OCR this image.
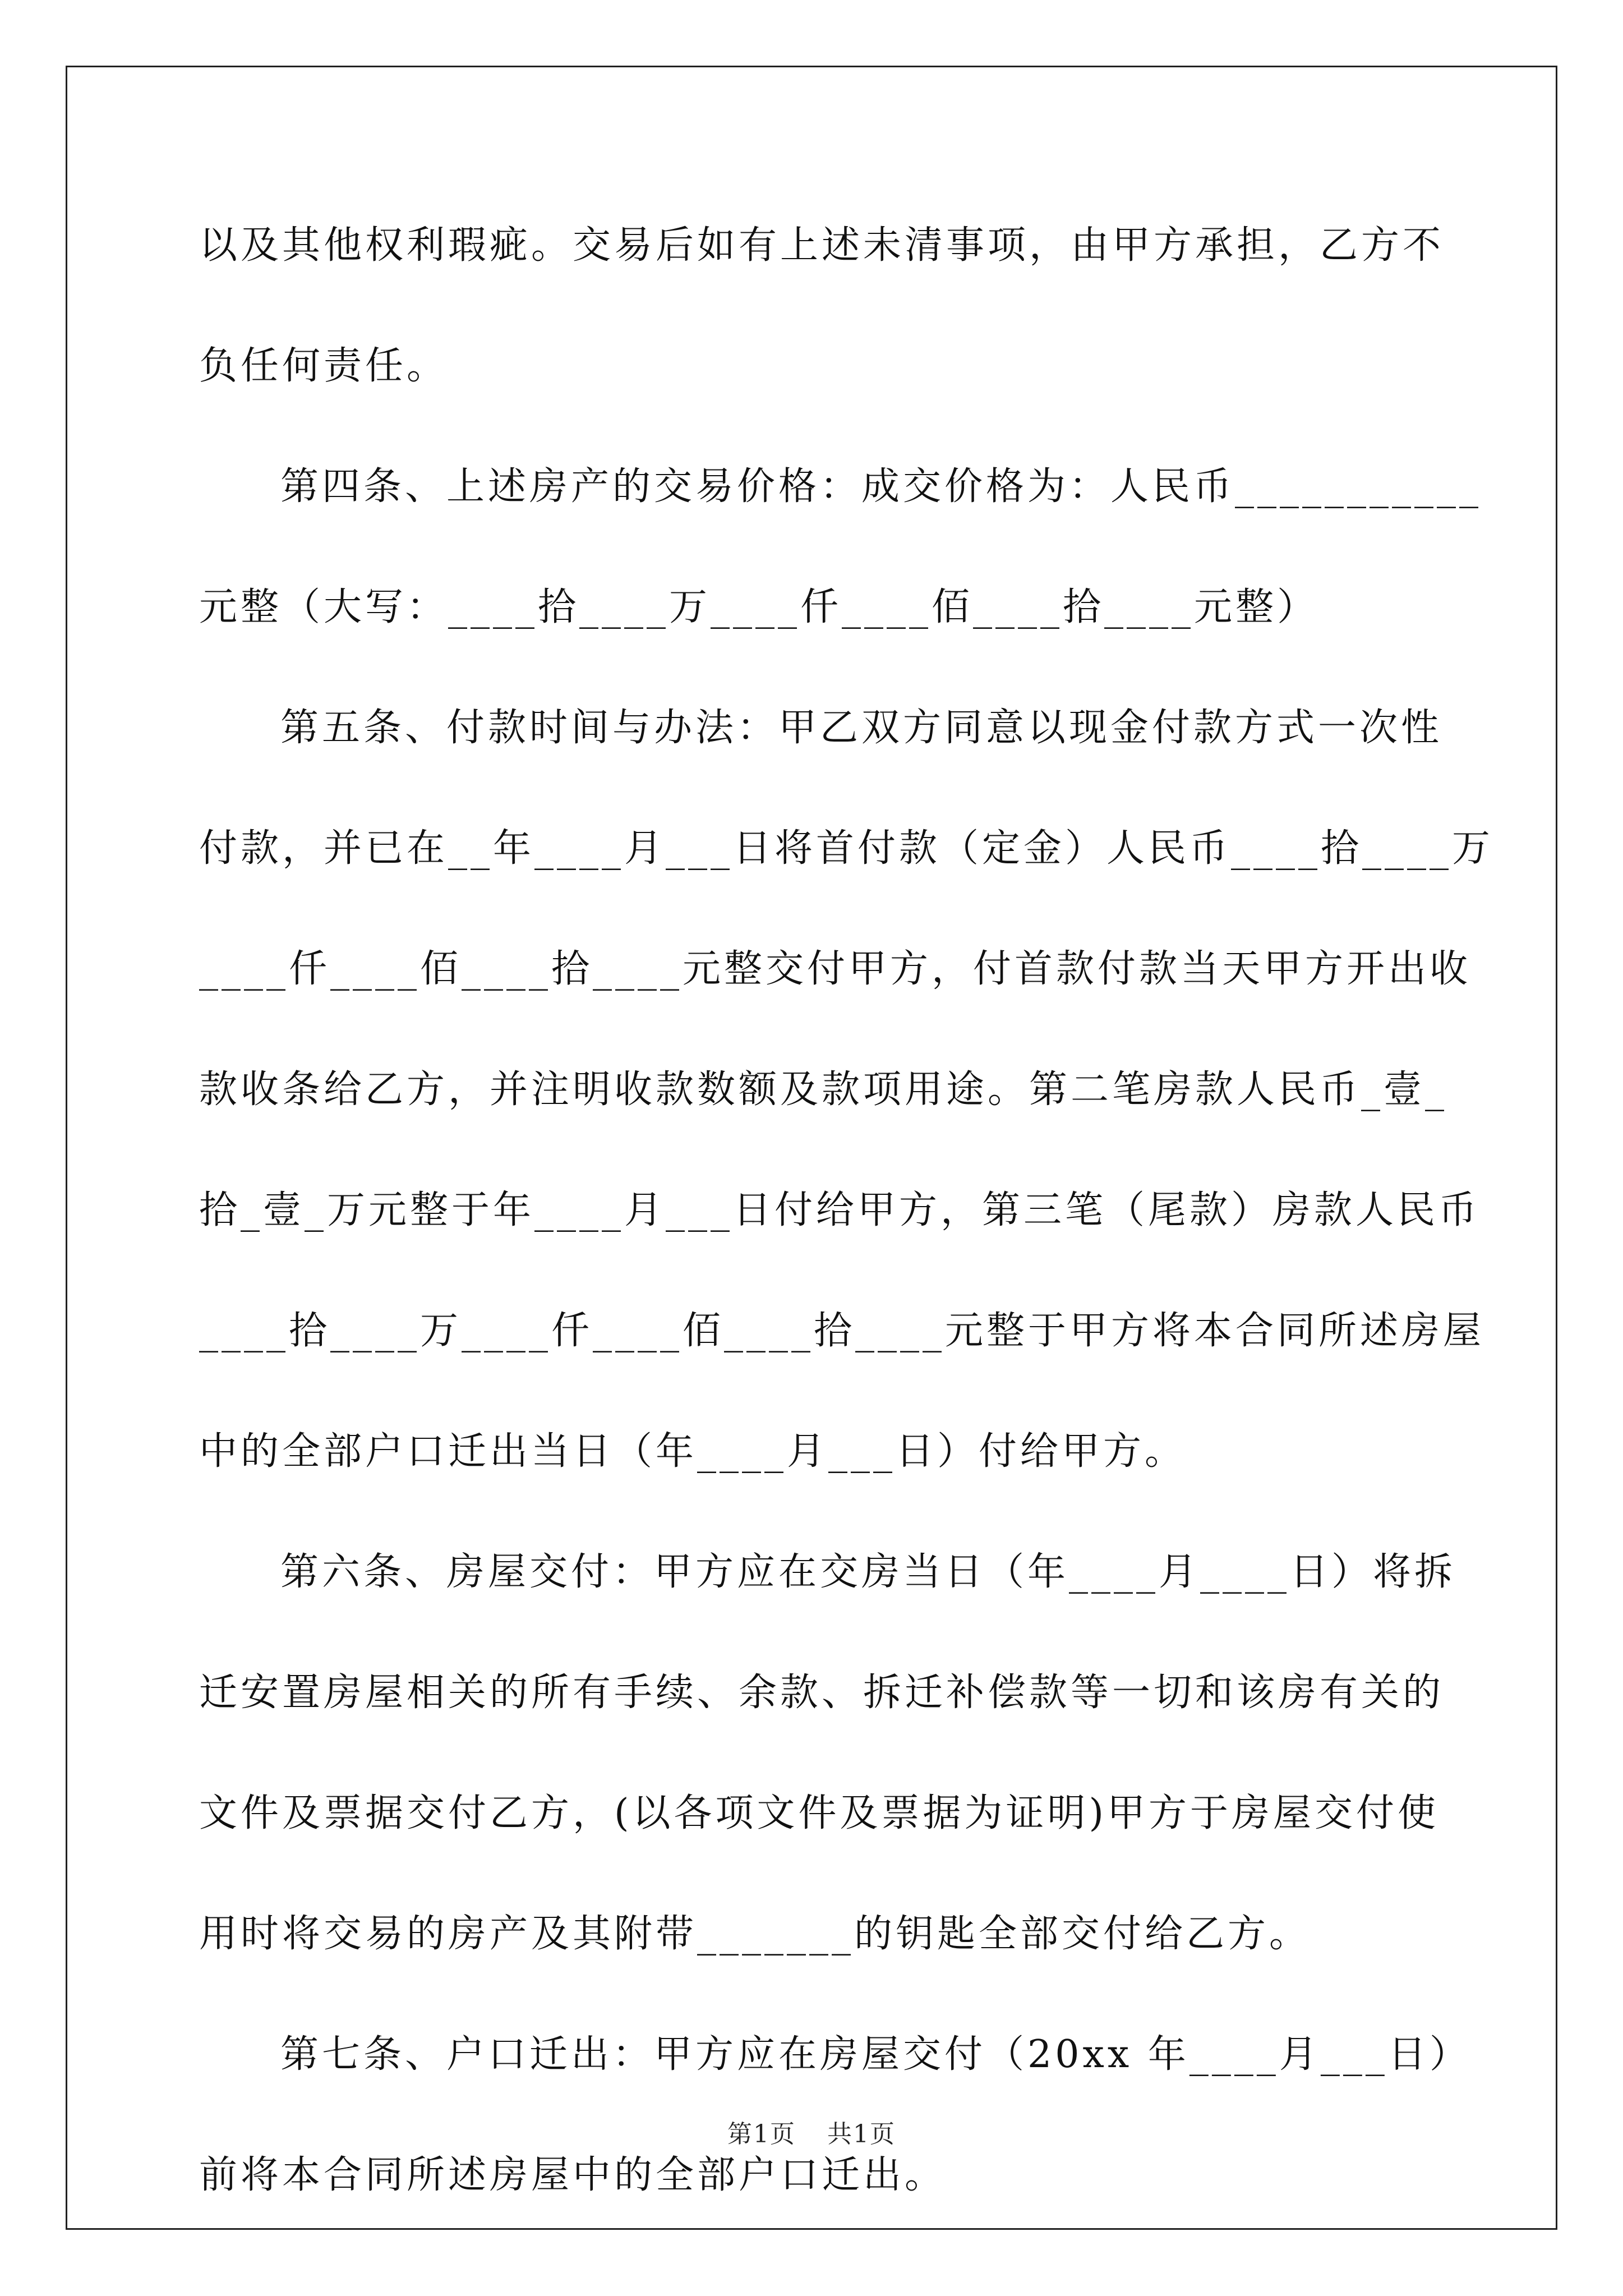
以及其他权利瑕疵。交易后如有上述未清事项，由甲方承担，乙方不
负任何责任。
第四条、上述房产的交易价格：成交价格为：人民币___________
元整（大写：____拾____万____仟____佰____拾____元整）
第五条、付款时间与办法：甲乙双方同意以现金付款方式一次性
付款，并已在__年____月___日将首付款（定金）人民币____拾____万
____仟____佰____拾____元整交付甲方，付首款付款当天甲方开出收
款收条给乙方，并注明收款数额及款项用途。第二笔房款人民币_壹_
拾_壹_万元整于年____月___日付给甲方，第三笔（尾款）房款人民币
____拾____万____仟____佰____拾____元整于甲方将本合同所述房屋
中的全部户口迁出当日（年____月___日）付给甲方。
第六条、房屋交付：甲方应在交房当日（年____月____日）将拆
迁安置房屋相关的所有手续、余款、拆迁补偿款等一切和该房有关的
文件及票据交付乙方，(以各项文件及票据为证明)甲方于房屋交付使
用时将交易的房产及其附带_______的钥匙全部交付给乙方。
第七条、户口迁出：甲方应在房屋交付（20xx 年____月___日）
前将本合同所述房屋中的全部户口迁出。
第1页 共1页
